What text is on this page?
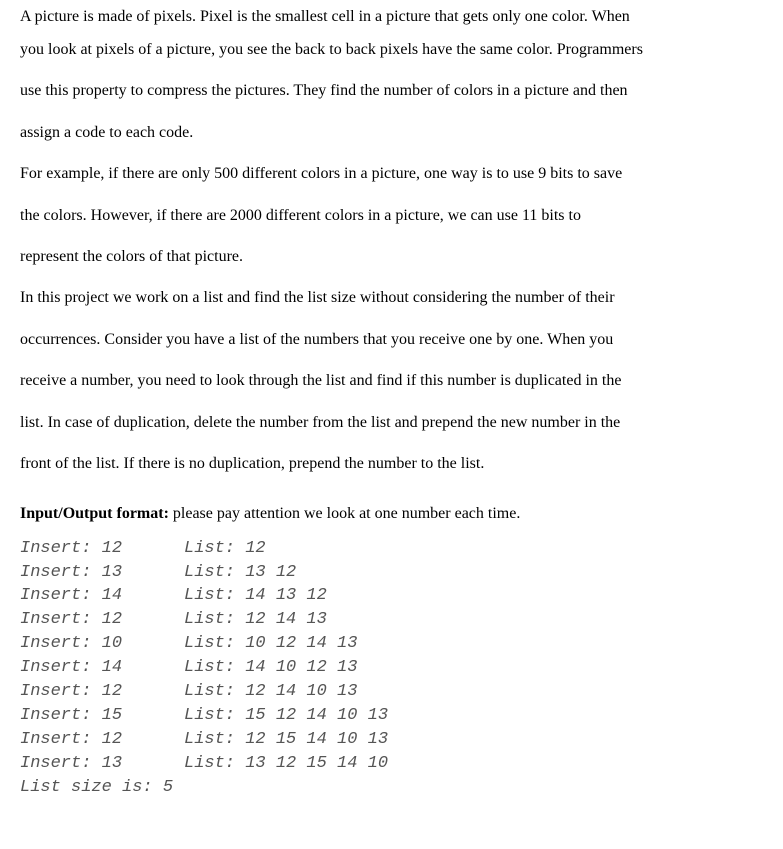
A picture is made of pixels. Pixel is the smallest cell in a picture that gets only one color. When
you look at pixels of a picture, you see the back to back pixels have the same color. Programmers
use this property to compress the pictures. They find the number of colors in a picture and then
assign a code to each code.
For example, if there are only 500 different colors in a picture, one way is to use 9 bits to save
the colors. However, if there are 2000 different colors in a picture, we can use 11 bits to
represent the colors of that picture.
In this project we work on a list and find the list size without considering the number of their
occurrences. Consider you have a list of the numbers that you receive one by one. When you
receive a number, you need to look through the list and find if this number is duplicated in the
list. In case of duplication, delete the number from the list and prepend the new number in the
front of the list. If there is no duplication, prepend the number to the list.
Input/Output format: please pay attention we look at one number each time.
Insert: 12	List: 12
Insert: 13	List: 13 12
Insert: 14	List: 14 13 12
Insert: 12	List: 12 14 13
Insert: 10	List: 10 12 14 13
Insert: 14	List: 14 10 12 13
Insert: 12	List: 12 14 10 13
Insert: 15	List: 15 12 14 10 13
Insert: 12	List: 12 15 14 10 13
Insert: 13	List: 13 12 15 14 10
List size is: 5
